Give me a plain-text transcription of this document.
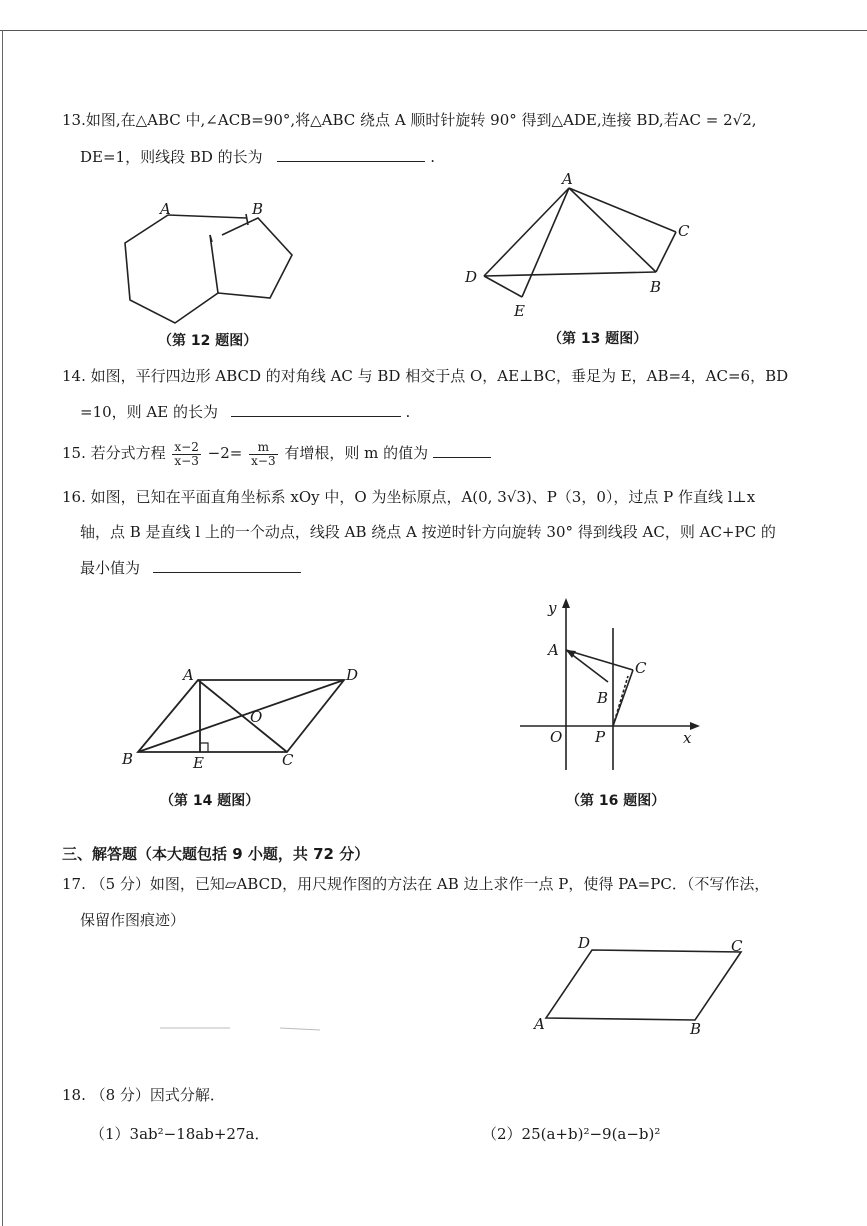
13.如图,在△ABC 中,∠ACB=90°,将△ABC 绕点 A 顺时针旋转 90° 得到△ADE,连接 BD,若AC = 2√2,
DE=1，则线段 BD 的长为	.
A	B
（第 12 题图）
A
B
C
D
E
（第 13 题图）
14. 如图，平行四边形 ABCD 的对角线 AC 与 BD 相交于点 O，AE⊥BC，垂足为 E，AB=4，AC=6，BD
=10，则 AE 的长为	.
15. 若分式方程 $\frac{x-2}{x-3} -2= \frac{m}{x-3}$ 有增根，则 m 的值为
16. 如图，已知在平面直角坐标系 xOy 中，O 为坐标原点，A(0, 3√3)、P（3，0），过点 P 作直线 l⊥x
轴，点 B 是直线 l 上的一个动点，线段 AB 绕点 A 按逆时针方向旋转 30° 得到线段 AC，则 AC+PC 的
最小值为
A
B	C
D
E
O
（第 14 题图）
y
x
A
B
C
O P
（第 16 题图）
三、解答题（本大题包括 9 小题，共 72 分）
17. （5 分）如图，已知▱ABCD，用尺规作图的方法在 AB 边上求作一点 P，使得 PA=PC．（不写作法，
保留作图痕迹）
D	C
A	B
18. （8 分）因式分解．
（1）3ab²−18ab+27a．	（2）25(a+b)²−9(a−b)²
